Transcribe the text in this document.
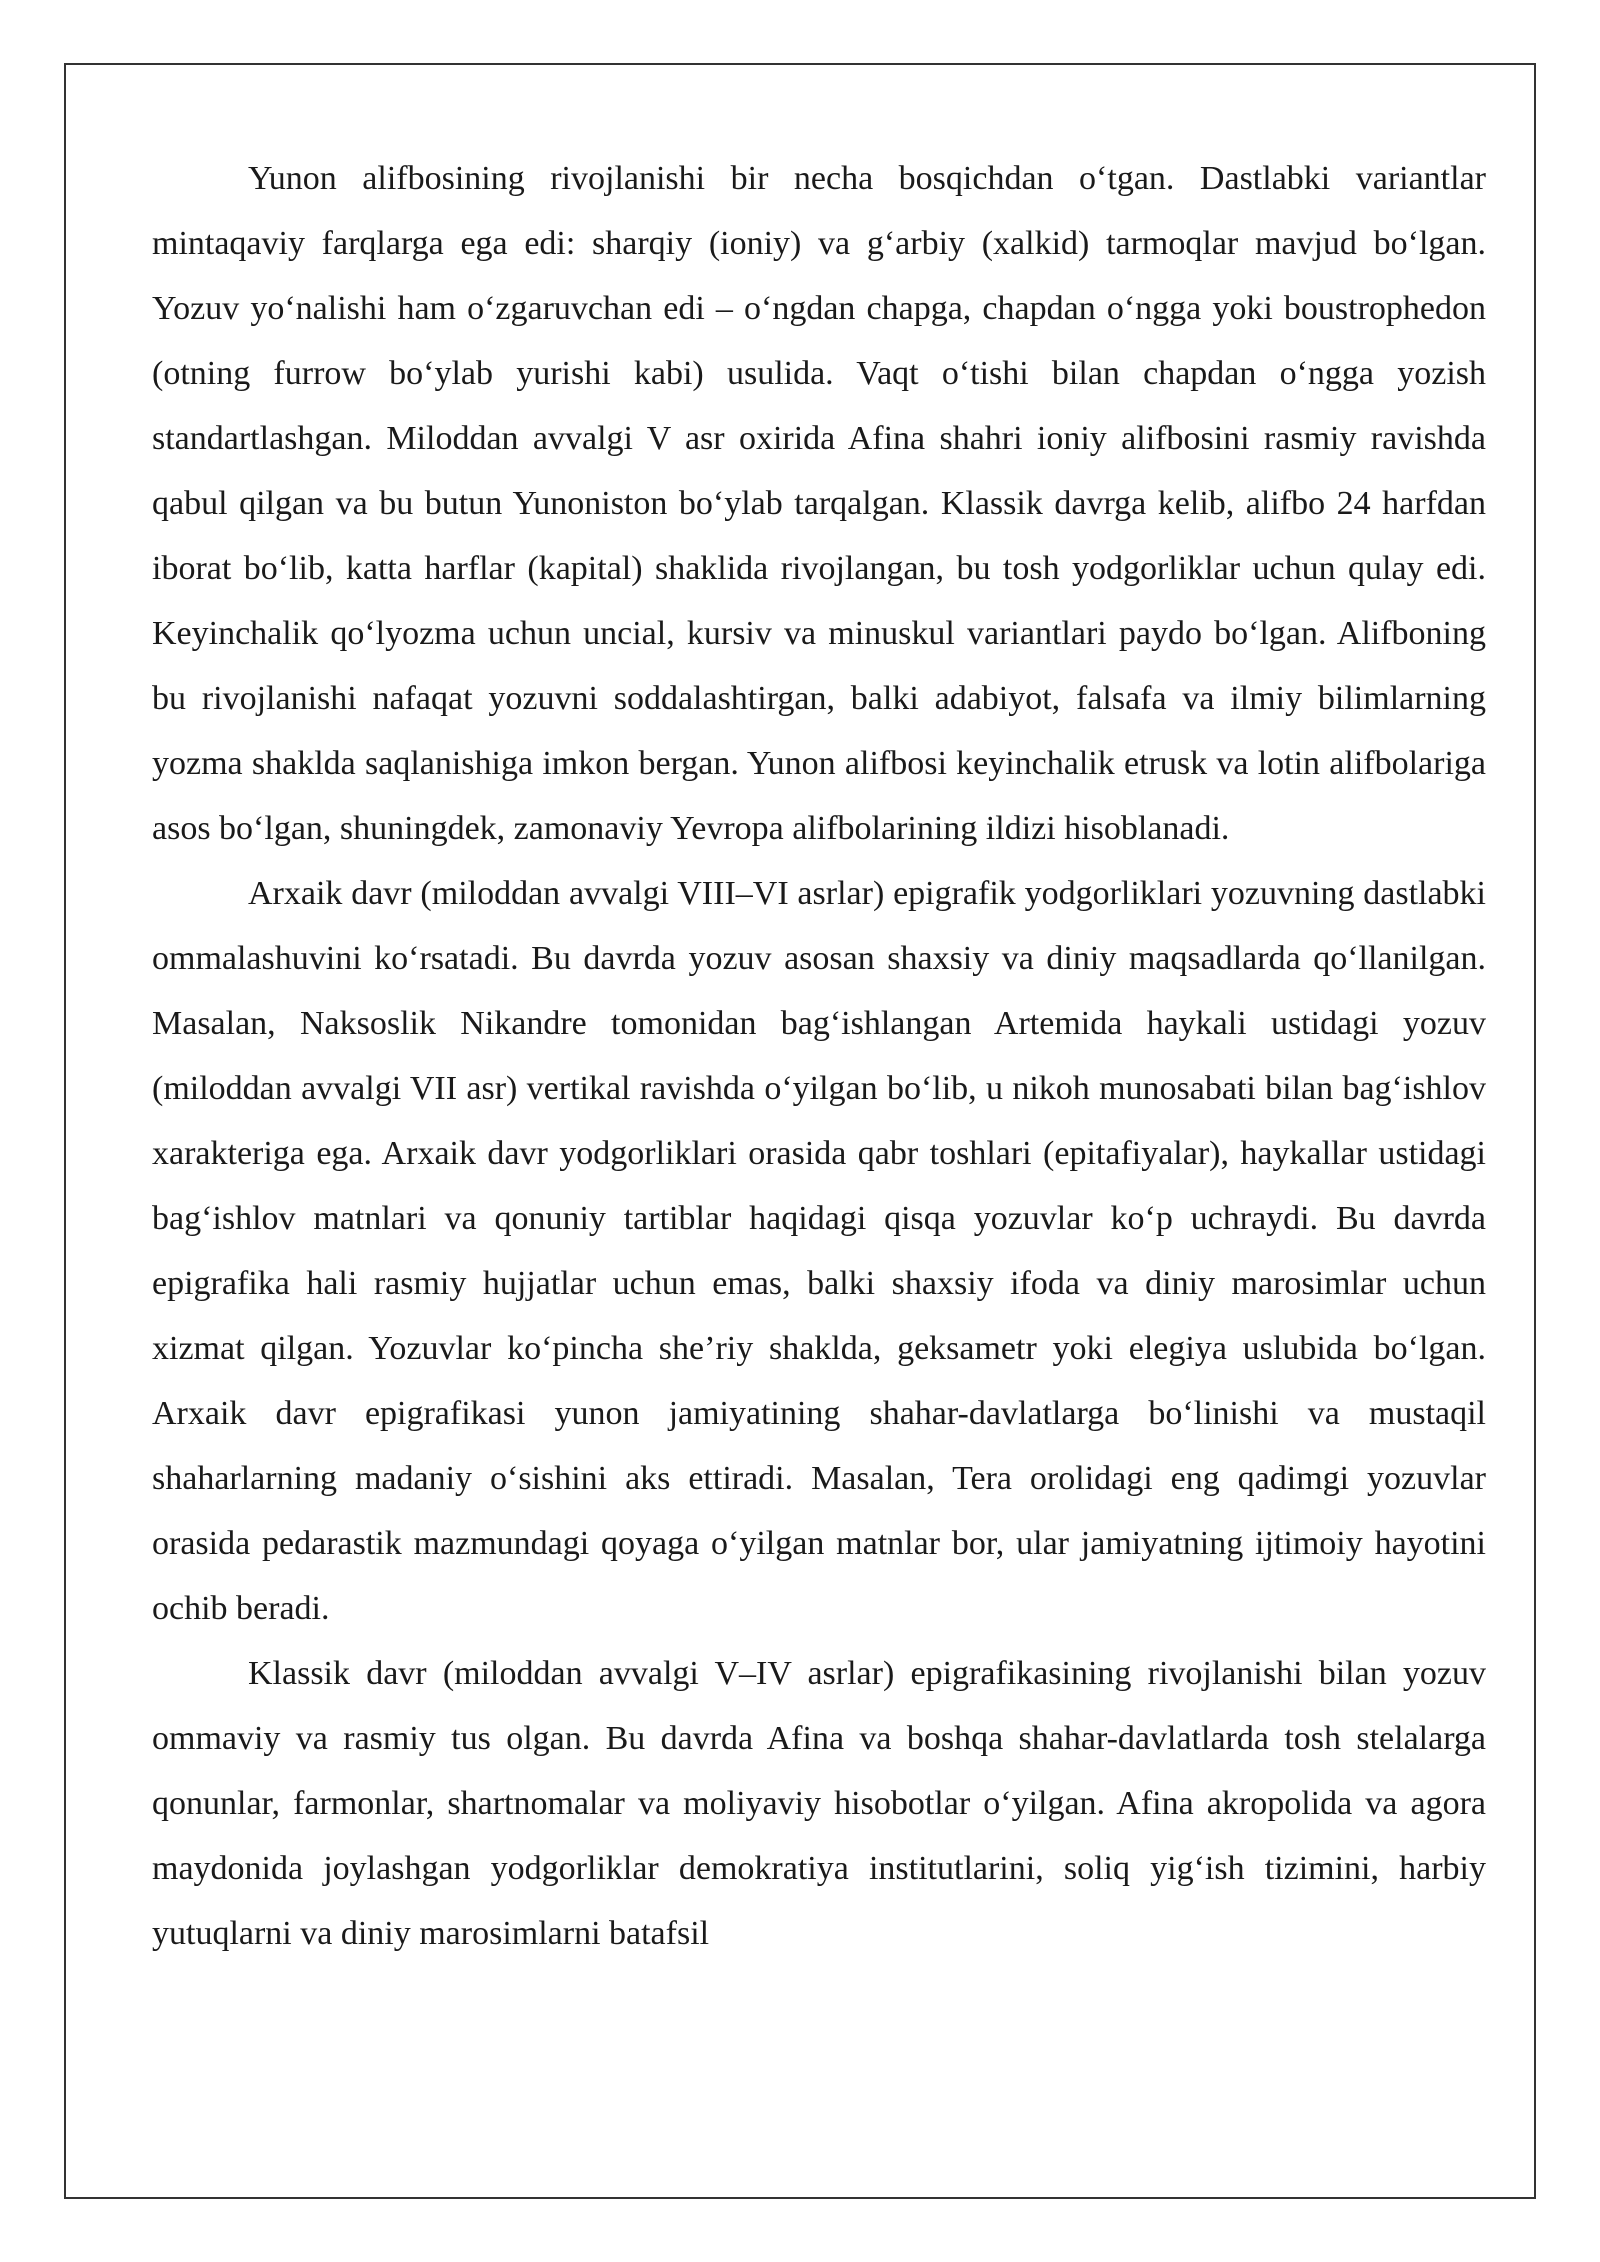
Yunon alifbosining rivojlanishi bir necha bosqichdan o‘tgan. Dastlabki variantlar mintaqaviy farqlarga ega edi: sharqiy (ioniy) va g‘arbiy (xalkid) tarmoqlar mavjud bo‘lgan. Yozuv yo‘nalishi ham o‘zgaruvchan edi – o‘ngdan chapga, chapdan o‘ngga yoki boustrophedon (otning furrow bo‘ylab yurishi kabi) usulida. Vaqt o‘tishi bilan chapdan o‘ngga yozish standartlashgan. Miloddan avvalgi V asr oxirida Afina shahri ioniy alifbosini rasmiy ravishda qabul qilgan va bu butun Yunoniston bo‘ylab tarqalgan. Klassik davrga kelib, alifbo 24 harfdan iborat bo‘lib, katta harflar (kapital) shaklida rivojlangan, bu tosh yodgorliklar uchun qulay edi. Keyinchalik qo‘lyozma uchun uncial, kursiv va minuskul variantlari paydo bo‘lgan. Alifboning bu rivojlanishi nafaqat yozuvni soddalashtirgan, balki adabiyot, falsafa va ilmiy bilimlarning yozma shaklda saqlanishiga imkon bergan. Yunon alifbosi keyinchalik etrusk va lotin alifbolariga asos bo‘lgan, shuningdek, zamonaviy Yevropa alifbolarining ildizi hisoblanadi.

Arxaik davr (miloddan avvalgi VIII–VI asrlar) epigrafik yodgorliklari yozuvning dastlabki ommalashuvini ko‘rsatadi. Bu davrda yozuv asosan shaxsiy va diniy maqsadlarda qo‘llanilgan. Masalan, Naksoslik Nikandre tomonidan bag‘ishlangan Artemida haykali ustidagi yozuv (miloddan avvalgi VII asr) vertikal ravishda o‘yilgan bo‘lib, u nikoh munosabati bilan bag‘ishlov xarakteriga ega. Arxaik davr yodgorliklari orasida qabr toshlari (epitafiyalar), haykallar ustidagi bag‘ishlov matnlari va qonuniy tartiblar haqidagi qisqa yozuvlar ko‘p uchraydi. Bu davrda epigrafika hali rasmiy hujjatlar uchun emas, balki shaxsiy ifoda va diniy marosimlar uchun xizmat qilgan. Yozuvlar ko‘pincha she’riy shaklda, geksametr yoki elegiya uslubida bo‘lgan. Arxaik davr epigrafikasi yunon jamiyatining shahar-davlatlarga bo‘linishi va mustaqil shaharlarning madaniy o‘sishini aks ettiradi. Masalan, Tera orolidagi eng qadimgi yozuvlar orasida pedarastik mazmundagi qoyaga o‘yilgan matnlar bor, ular jamiyatning ijtimoiy hayotini ochib beradi.

Klassik davr (miloddan avvalgi V–IV asrlar) epigrafikasining rivojlanishi bilan yozuv ommaviy va rasmiy tus olgan. Bu davrda Afina va boshqa shahar-davlatlarda tosh stelalarga qonunlar, farmonlar, shartnomalar va moliyaviy hisobotlar o‘yilgan. Afina akropolida va agora maydonida joylashgan yodgorliklar demokratiya institutlarini, soliq yig‘ish tizimini, harbiy yutuqlarni va diniy marosimlarni batafsil
